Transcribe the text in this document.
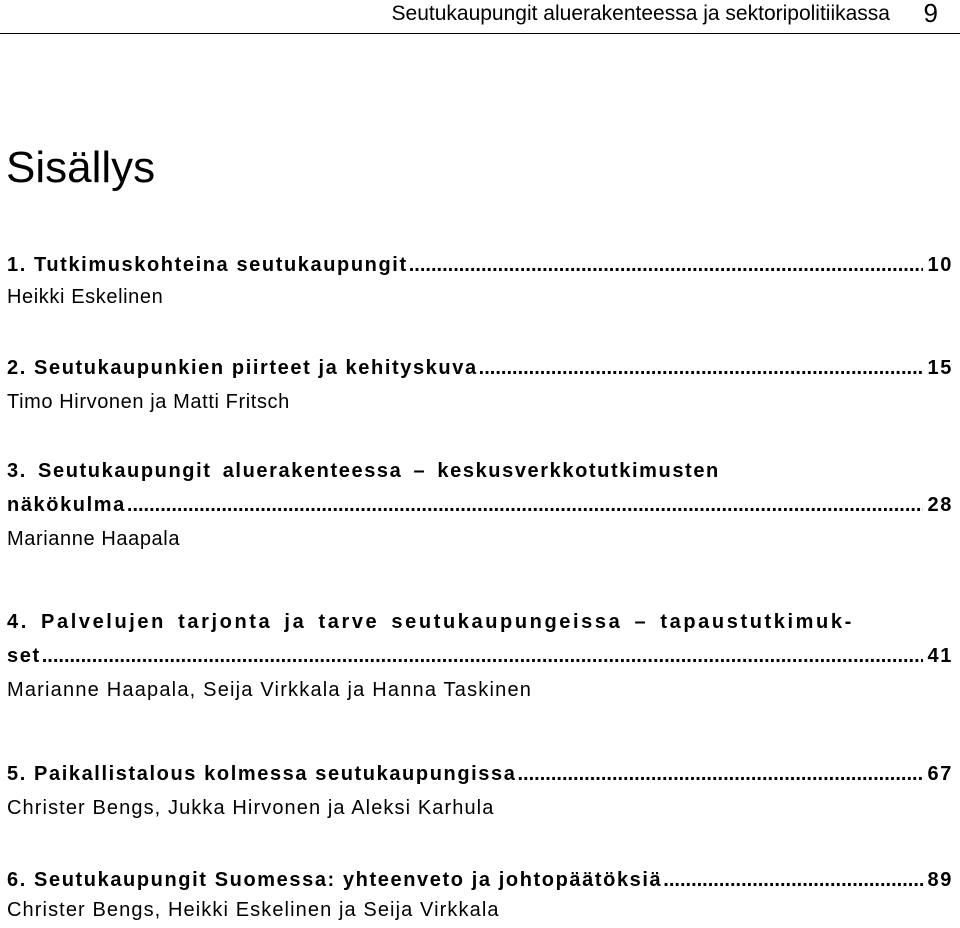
Seutukaupungit aluerakenteessa ja sektoripolitiikassa 9
Sisällys
1. Tutkimuskohteina seutukaupungit .....	10
Heikki Eskelinen
2. Seutukaupunkien piirteet ja kehityskuva .....	15
Timo Hirvonen ja Matti Fritsch
3. Seutukaupungit aluerakenteessa – keskusverkkotutkimusten
näkökulma .....	28
Marianne Haapala
4. Palvelujen tarjonta ja tarve seutukaupungeissa – tapaustutkimuk-
set .....	41
Marianne Haapala, Seija Virkkala ja Hanna Taskinen
5. Paikallistalous kolmessa seutukaupungissa .....	67
Christer Bengs, Jukka Hirvonen ja Aleksi Karhula
6. Seutukaupungit Suomessa: yhteenveto ja johtopäätöksiä .....	89
Christer Bengs, Heikki Eskelinen ja Seija Virkkala
